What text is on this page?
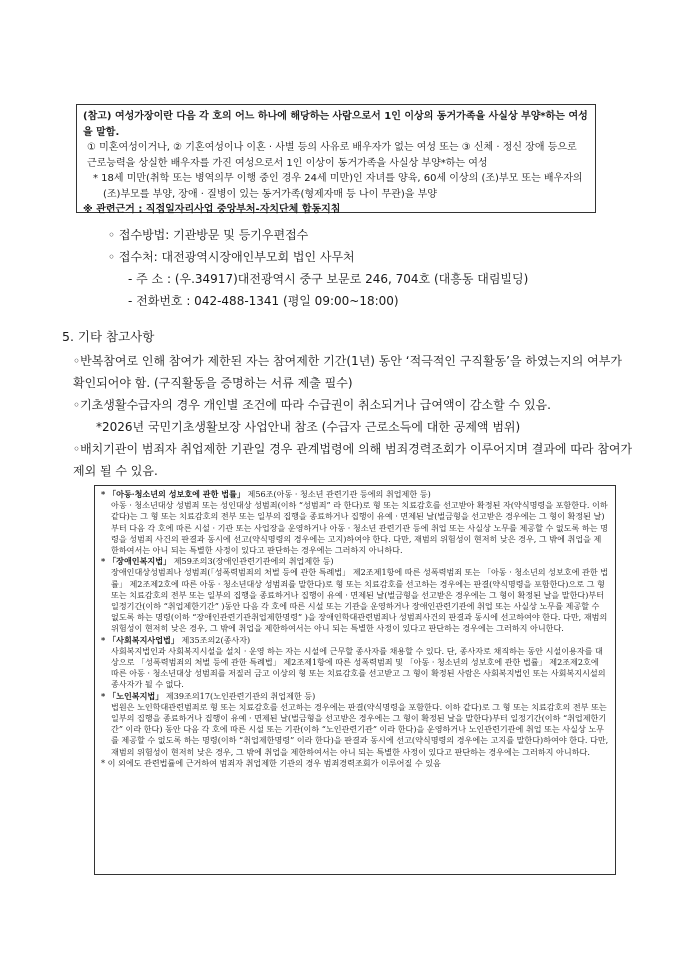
(참고) 여성가장이란 다음 각 호의 어느 하나에 해당하는 사람으로서 1인 이상의 동거가족을 사실상 부양*하는 여성을 말함.
① 미혼여성이거나, ② 기혼여성이나 이혼 · 사별 등의 사유로 배우자가 없는 여성 또는 ③ 신체 · 정신 장애 등으로 근로능력을 상실한 배우자를 가진 여성으로서 1인 이상이 동거가족을 사실상 부양*하는 여성
* 18세 미만(취학 또는 병역의무 이행 중인 경우 24세 미만)인 자녀를 양육, 60세 이상의 (조)부모 또는 배우자의 (조)부모를 부양, 장애 · 질병이 있는 동거가족(형제자매 등 나이 무관)을 부양
※ 관련근거 : 직접일자리사업 중앙부처-자치단체 합동지침
◦ 접수방법: 기관방문 및 등기우편접수
◦ 접수처: 대전광역시장애인부모회 법인 사무처
- 주 소 : (우.34917)대전광역시 중구 보문로 246, 704호 (대흥동 대림빌딩)
- 전화번호 : 042-488-1341 (평일 09:00~18:00)
5. 기타 참고사항
◦반복참여로 인해 참여가 제한된 자는 참여제한 기간(1년) 동안 ‘적극적인 구직활동’을 하였는지의 여부가 확인되어야 함. (구직활동을 증명하는 서류 제출 필수)
◦기초생활수급자의 경우 개인별 조건에 따라 수급권이 취소되거나 급여액이 감소할 수 있음.
*2026년 국민기초생활보장 사업안내 참조 (수급자 근로소득에 대한 공제액 범위)
◦배치기관이 범죄자 취업제한 기관일 경우 관계법령에 의해 범죄경력조회가 이루어지며 결과에 따라 참여가 제외 될 수 있음.

* 「아동·청소년의 성보호에 관한 법률」 제56조(아동 · 청소년 관련기관 등에의 취업제한 등)

아동 · 청소년대상 성범죄 또는 성인대상 성범죄(이하 “성범죄” 라 한다)로 형 또는 치료감호를 선고받아 확정된 자(약식명령을 포함한다. 이하 같다)는 그 형 또는 치료감호의 전부 또는 일부의 집행을 종료하거나 집행이 유예 · 면제된 날(벌금형을 선고받은 경우에는 그 형이 확정된 날)부터 다음 각 호에 따른 시설 · 기관 또는 사업장을 운영하거나 아동 · 청소년 관련기관 등에 취업 또는 사실상 노무를 제공할 수 없도록 하는 명령을 성범죄 사건의 판결과 동시에 선고(약식명령의 경우에는 고지)하여야 한다. 다만, 재범의 위험성이 현저히 낮은 경우, 그 밖에 취업을 제한하여서는 아니 되는 특별한 사정이 있다고 판단하는 경우에는 그러하지 아니하다.

* 「장애인복지법」 제59조의3(장애인관련기관에의 취업제한 등)

장애인대상성범죄나 성범죄(「성폭력범죄의 처벌 등에 관한 특례법」 제2조제1항에 따른 성폭력범죄 또는 「아동 · 청소년의 성보호에 관한 법률」 제2조제2호에 따른 아동 · 청소년대상 성범죄를 말한다)로 형 또는 치료감호를 선고하는 경우에는 판결(약식명령을 포함한다)으로 그 형 또는 치료감호의 전부 또는 일부의 집행을 종료하거나 집행이 유예 · 면제된 날(벌금형을 선고받은 경우에는 그 형이 확정된 날을 말한다)부터 일정기간(이하 “취업제한기간” )동안 다음 각 호에 따른 시설 또는 기관을 운영하거나 장애인관련기관에 취업 또는 사실상 노무를 제공할 수 없도록 하는 명령(이하 “장애인관련기관취업제한명령” )을 장애인학대관련범죄나 성범죄사건의 판결과 동시에 선고하여야 한다. 다만, 재범의 위험성이 현저히 낮은 경우, 그 밖에 취업을 제한하여서는 아니 되는 특별한 사정이 있다고 판단하는 경우에는 그러하지 아니한다.

* 「사회복지사업법」 제35조의2(종사자)

사회복지법인과 사회복지시설을 설치 · 운영 하는 자는 시설에 근무할 종사자를 채용할 수 있다. 단, 종사자로 채직하는 동안 시설이용자를 대상으로 「성폭력범죄의 처벌 등에 관한 특례법」 제2조제1항에 따른 성폭력범죄 및 「아동 · 청소년의 성보호에 관한 법률」 제2조제2호에 따른 아동 · 청소년대상 성범죄를 저질러 금고 이상의 형 또는 치료감호를 선고받고 그 형이 확정된 사람은 사회복지법인 또는 사회복지시설의 종사자가 될 수 없다.

* 「노인복지법」 제39조의17(노인관련기관의 취업제한 등)

법원은 노인학대관련범죄로 형 또는 치료감호를 선고하는 경우에는 판결(약식명령을 포함한다. 이하 같다)로 그 형 또는 치료감호의 전부 또는 일부의 집행을 종료하거나 집행이 유예 · 면제된 날(벌금형을 선고받은 경우에는 그 형이 확정된 날을 말한다)부터 일정기간(이하 “취업제한기간” 이라 한다) 동안 다음 각 호에 따른 시설 또는 기관(이하 “노인관련기관” 이라 한다)을 운영하거나 노인관련기관에 취업 또는 사실상 노무를 제공할 수 없도록 하는 명령(이하 “취업제한명령” 이라 한다)을 판결과 동시에 선고(약식명령의 경우에는 고지를 말한다)하여야 한다. 다만, 재범의 위험성이 현저히 낮은 경우, 그 밖에 취업을 제한하여서는 아니 되는 특별한 사정이 있다고 판단하는 경우에는 그러하지 아니하다.

* 이 외에도 관련법률에 근거하여 범죄자 취업제한 기관의 경우 범죄경력조회가 이루어질 수 있음
